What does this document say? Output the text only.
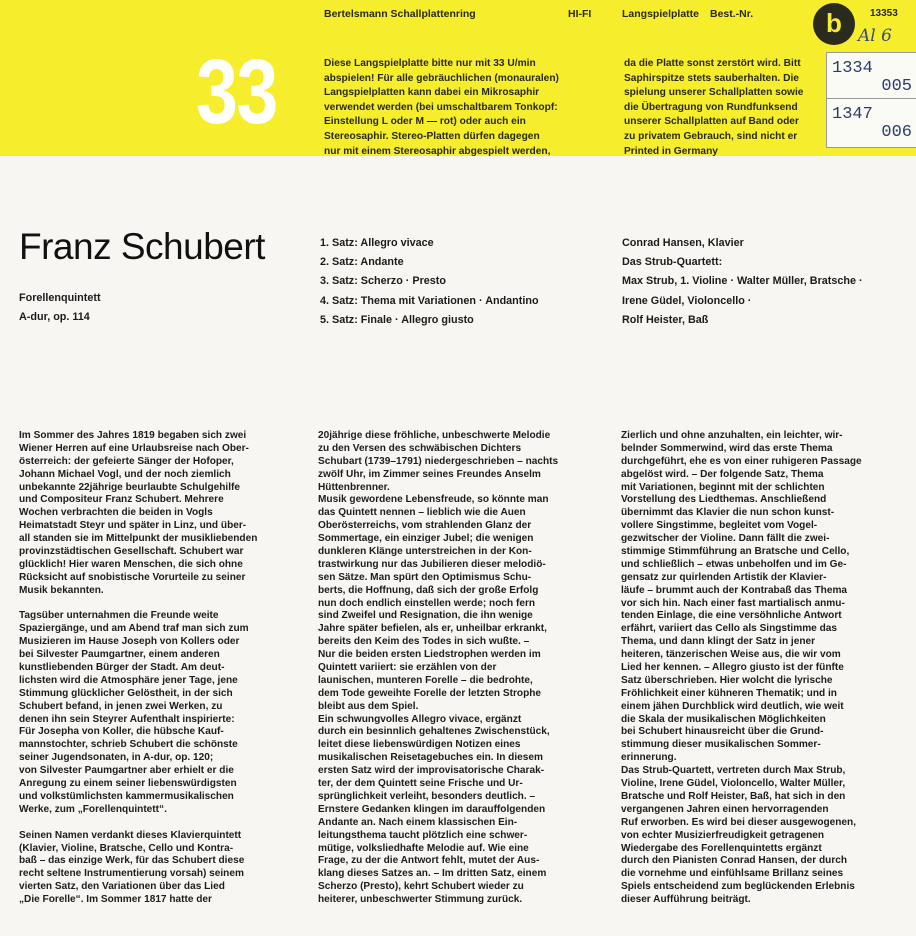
33
Bertelsmann Schallplattenring	HI-FI	Langspielplatte Best.-Nr.	13353
b
Diese Langspielplatte bitte nur mit 33 U/min
abspielen! Für alle gebräuchlichen (monauralen)
Langspielplatten kann dabei ein Mikrosaphir
verwendet werden (bei umschaltbarem Tonkopf:
Einstellung L oder M — rot) oder auch ein
Stereosaphir. Stereo-Platten dürfen dagegen
nur mit einem Stereosaphir abgespielt werden,
da die Platte sonst zerstört wird. Bitt
Saphirspitze stets sauberhalten. Die
spielung unserer Schallplatten sowie
die Übertragung von Rundfunksend
unserer Schallplatten auf Band oder
zu privatem Gebrauch, sind nicht er
Printed in Germany
Al 6
1334
005
1347
006
Franz Schubert
Forellenquintett
A-dur, op. 114
1. Satz: Allegro vivace
2. Satz: Andante
3. Satz: Scherzo · Presto
4. Satz: Thema mit Variationen · Andantino
5. Satz: Finale · Allegro giusto
Conrad Hansen, Klavier
Das Strub-Quartett:
Max Strub, 1. Violine · Walter Müller, Bratsche ·
Irene Güdel, Violoncello ·
Rolf Heister, Baß
Im Sommer des Jahres 1819 begaben sich zwei
Wiener Herren auf eine Urlaubsreise nach Ober-
österreich: der gefeierte Sänger der Hofoper,
Johann Michael Vogl, und der noch ziemlich
unbekannte 22jährige beurlaubte Schulgehilfe
und Compositeur Franz Schubert. Mehrere
Wochen verbrachten die beiden in Vogls
Heimatstadt Steyr und später in Linz, und über-
all standen sie im Mittelpunkt der musikliebenden
provinzstädtischen Gesellschaft. Schubert war
glücklich! Hier waren Menschen, die sich ohne
Rücksicht auf snobistische Vorurteile zu seiner
Musik bekannten.
Tagsüber unternahmen die Freunde weite
Spaziergänge, und am Abend traf man sich zum
Musizieren im Hause Joseph von Kollers oder
bei Silvester Paumgartner, einem anderen
kunstliebenden Bürger der Stadt. Am deut-
lichsten wird die Atmosphäre jener Tage, jene
Stimmung glücklicher Gelöstheit, in der sich
Schubert befand, in jenen zwei Werken, zu
denen ihn sein Steyrer Aufenthalt inspirierte:
Für Josepha von Koller, die hübsche Kauf-
mannstochter, schrieb Schubert die schönste
seiner Jugendsonaten, in A-dur, op. 120;
von Silvester Paumgartner aber erhielt er die
Anregung zu einem seiner liebenswürdigsten
und volkstümlichsten kammermusikalischen
Werke, zum „Forellenquintett“.
Seinen Namen verdankt dieses Klavierquintett
(Klavier, Violine, Bratsche, Cello und Kontra-
baß – das einzige Werk, für das Schubert diese
recht seltene Instrumentierung vorsah) seinem
vierten Satz, den Variationen über das Lied
„Die Forelle“. Im Sommer 1817 hatte der
20jährige diese fröhliche, unbeschwerte Melodie
zu den Versen des schwäbischen Dichters
Schubart (1739–1791) niedergeschrieben – nachts
zwölf Uhr, im Zimmer seines Freundes Anselm
Hüttenbrenner.
Musik gewordene Lebensfreude, so könnte man
das Quintett nennen – lieblich wie die Auen
Oberösterreichs, vom strahlenden Glanz der
Sommertage, ein einziger Jubel; die wenigen
dunkleren Klänge unterstreichen in der Kon-
trastwirkung nur das Jubilieren dieser melodiö-
sen Sätze. Man spürt den Optimismus Schu-
berts, die Hoffnung, daß sich der große Erfolg
nun doch endlich einstellen werde; noch fern
sind Zweifel und Resignation, die ihn wenige
Jahre später befielen, als er, unheilbar erkrankt,
bereits den Keim des Todes in sich wußte. –
Nur die beiden ersten Liedstrophen werden im
Quintett variiert: sie erzählen von der
launischen, munteren Forelle – die bedrohte,
dem Tode geweihte Forelle der letzten Strophe
bleibt aus dem Spiel.
Ein schwungvolles Allegro vivace, ergänzt
durch ein besinnlich gehaltenes Zwischenstück,
leitet diese liebenswürdigen Notizen eines
musikalischen Reisetagebuches ein. In diesem
ersten Satz wird der improvisatorische Charak-
ter, der dem Quintett seine Frische und Ur-
sprünglichkeit verleiht, besonders deutlich. –
Ernstere Gedanken klingen im darauffolgenden
Andante an. Nach einem klassischen Ein-
leitungsthema taucht plötzlich eine schwer-
mütige, volksliedhafte Melodie auf. Wie eine
Frage, zu der die Antwort fehlt, mutet der Aus-
klang dieses Satzes an. – Im dritten Satz, einem
Scherzo (Presto), kehrt Schubert wieder zu
heiterer, unbeschwerter Stimmung zurück.
Zierlich und ohne anzuhalten, ein leichter, wir-
belnder Sommerwind, wird das erste Thema
durchgeführt, ehe es von einer ruhigeren Passage
abgelöst wird. – Der folgende Satz, Thema
mit Variationen, beginnt mit der schlichten
Vorstellung des Liedthemas. Anschließend
übernimmt das Klavier die nun schon kunst-
vollere Singstimme, begleitet vom Vogel-
gezwitscher der Violine. Dann fällt die zwei-
stimmige Stimmführung an Bratsche und Cello,
und schließlich – etwas unbeholfen und im Ge-
gensatz zur quirlenden Artistik der Klavier-
läufe – brummt auch der Kontrabaß das Thema
vor sich hin. Nach einer fast martialisch anmu-
tenden Einlage, die eine versöhnliche Antwort
erfährt, variiert das Cello als Singstimme das
Thema, und dann klingt der Satz in jener
heiteren, tänzerischen Weise aus, die wir vom
Lied her kennen. – Allegro giusto ist der fünfte
Satz überschrieben. Hier wolcht die lyrische
Fröhlichkeit einer kühneren Thematik; und in
einem jähen Durchblick wird deutlich, wie weit
die Skala der musikalischen Möglichkeiten
bei Schubert hinausreicht über die Grund-
stimmung dieser musikalischen Sommer-
erinnerung.
Das Strub-Quartett, vertreten durch Max Strub,
Violine, Irene Güdel, Violoncello, Walter Müller,
Bratsche und Rolf Heister, Baß, hat sich in den
vergangenen Jahren einen hervorragenden
Ruf erworben. Es wird bei dieser ausgewogenen,
von echter Musizierfreudigkeit getragenen
Wiedergabe des Forellenquintetts ergänzt
durch den Pianisten Conrad Hansen, der durch
die vornehme und einfühlsame Brillanz seines
Spiels entscheidend zum beglückenden Erlebnis
dieser Aufführung beiträgt.
